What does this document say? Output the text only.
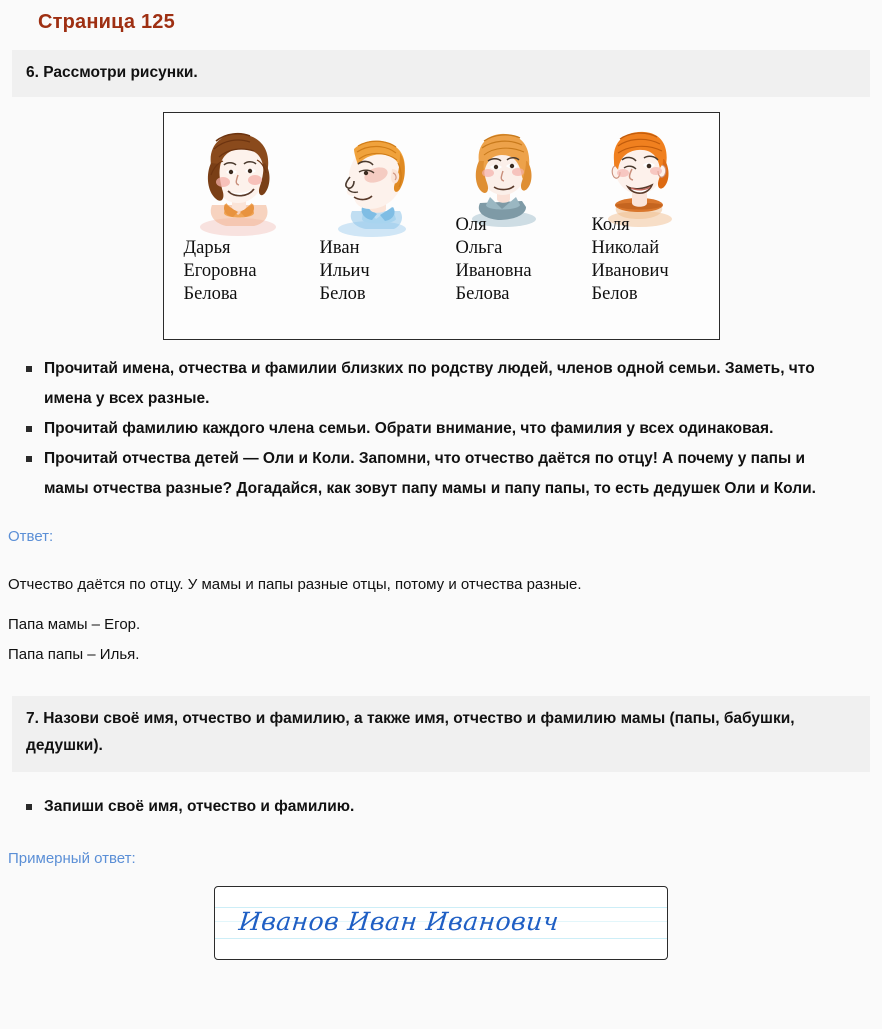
Страница 125
6. Рассмотри рисунки.
Дарья
Егоровна
Белова
Иван
Ильич
Белов
Оля
Ольга
Ивановна
Белова
Коля
Николай
Иванович
Белов
Прочитай имена, отчества и фамилии близких по родству людей, членов одной семьи. Заметь, что имена у всех разные.
Прочитай фамилию каждого члена семьи. Обрати внимание, что фамилия у всех одинаковая.
Прочитай отчества детей — Оли и Коли. Запомни, что отчество даётся по отцу! А почему у папы и мамы отчества разные? Догадайся, как зовут папу мамы и папу папы, то есть дедушек Оли и Коли.
Ответ:
Отчество даётся по отцу. У мамы и папы разные отцы, потому и отчества разные.
Папа мамы – Егор.
Папа папы – Илья.
7. Назови своё имя, отчество и фамилию, а также имя, отчество и фамилию мамы (папы, бабушки, дедушки).
Запиши своё имя, отчество и фамилию.
Примерный ответ:
Иванов Иван Иванович
